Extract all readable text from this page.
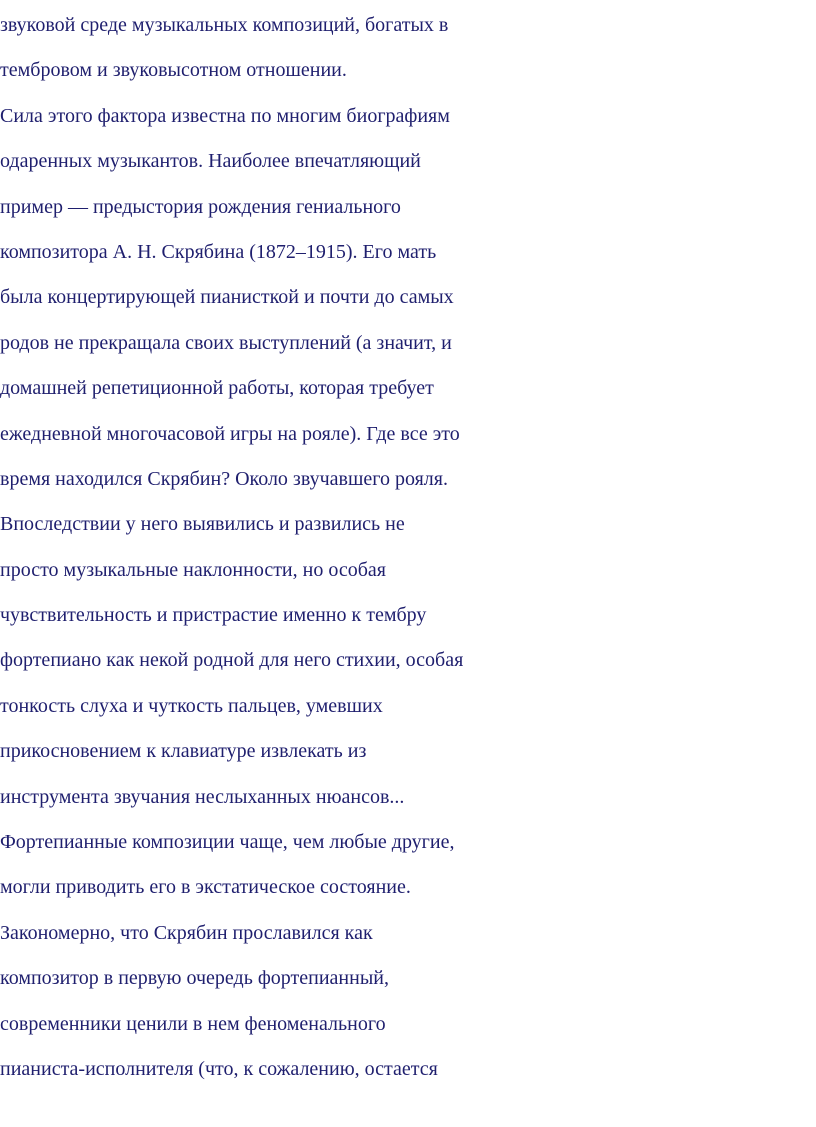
звуковой среде музыкальных композиций, богатых в
тембровом и звуковысотном отношении.
Сила этого фактора известна по многим биографиям
одаренных музыкантов. Наиболее впечатляющий
пример — предыстория рождения гениального
композитора А. Н. Скрябина (1872–1915). Его мать
была концертирующей пианисткой и почти до самых
родов не прекращала своих выступлений (а значит, и
домашней репетиционной работы, которая требует
ежедневной многочасовой игры на рояле). Где все это
время находился Скрябин? Около звучавшего рояля.
Впоследствии у него выявились и развились не
просто музыкальные наклонности, но особая
чувствительность и пристрастие именно к тембру
фортепиано как некой родной для него стихии, особая
тонкость слуха и чуткость пальцев, умевших
прикосновением к клавиатуре извлекать из
инструмента звучания неслыханных нюансов...
Фортепианные композиции чаще, чем любые другие,
могли приводить его в экстатическое состояние.
Закономерно, что Скрябин прославился как
композитор в первую очередь фортепианный,
современники ценили в нем феноменального
пианиста-исполнителя (что, к сожалению, остается
